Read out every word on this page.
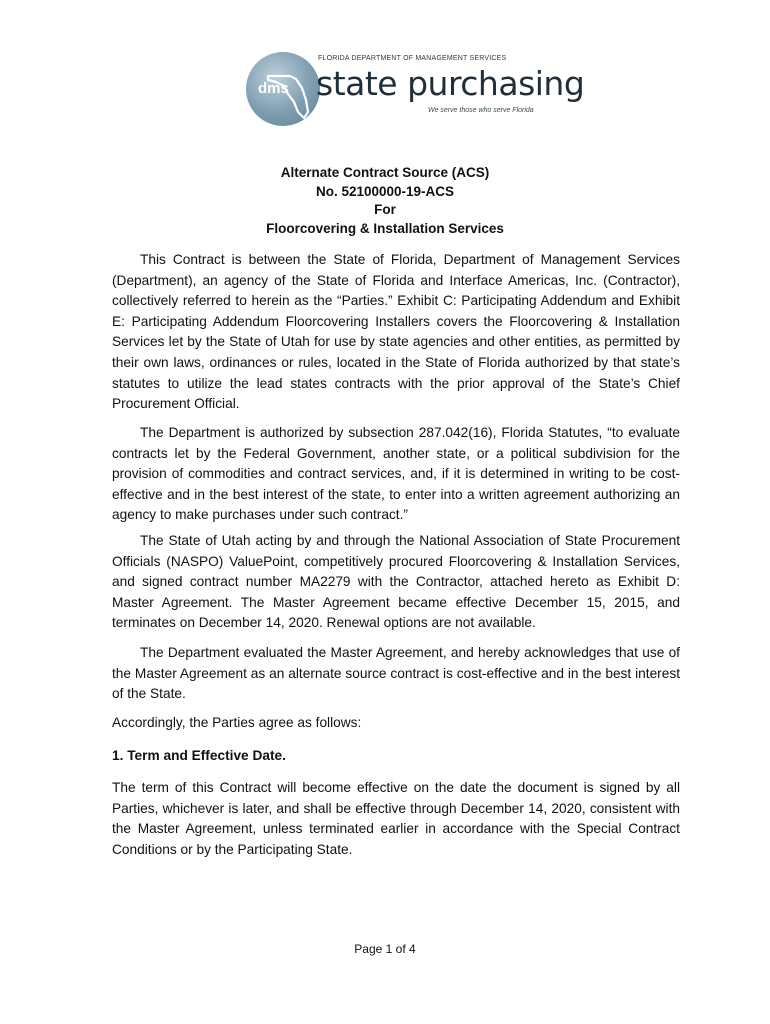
dms
FLORIDA DEPARTMENT OF MANAGEMENT SERVICES
state purchasing
We serve those who serve Florida

Alternate Contract Source (ACS)

No. 52100000-19-ACS

For

Floorcovering & Installation Services

This Contract is between the State of Florida, Department of Management Services (Department), an agency of the State of Florida and Interface Americas, Inc. (Contractor), collectively referred to herein as the “Parties.” Exhibit C: Participating Addendum and Exhibit E: Participating Addendum Floorcovering Installers covers the Floorcovering & Installation Services let by the State of Utah for use by state agencies and other entities, as permitted by their own laws, ordinances or rules, located in the State of Florida authorized by that state’s statutes to utilize the lead states contracts with the prior approval of the State’s Chief Procurement Official.

The Department is authorized by subsection 287.042(16), Florida Statutes, “to evaluate contracts let by the Federal Government, another state, or a political subdivision for the provision of commodities and contract services, and, if it is determined in writing to be cost-effective and in the best interest of the state, to enter into a written agreement authorizing an agency to make purchases under such contract.”

The State of Utah acting by and through the National Association of State Procurement Officials (NASPO) ValuePoint, competitively procured Floorcovering & Installation Services, and signed contract number MA2279 with the Contractor, attached hereto as Exhibit D: Master Agreement. The Master Agreement became effective December 15, 2015, and terminates on December 14, 2020. Renewal options are not available.

The Department evaluated the Master Agreement, and hereby acknowledges that use of the Master Agreement as an alternate source contract is cost-effective and in the best interest of the State.

Accordingly, the Parties agree as follows:

1. Term and Effective Date.

The term of this Contract will become effective on the date the document is signed by all Parties, whichever is later, and shall be effective through December 14, 2020, consistent with the Master Agreement, unless terminated earlier in accordance with the Special Contract Conditions or by the Participating State.

Page 1 of 4
